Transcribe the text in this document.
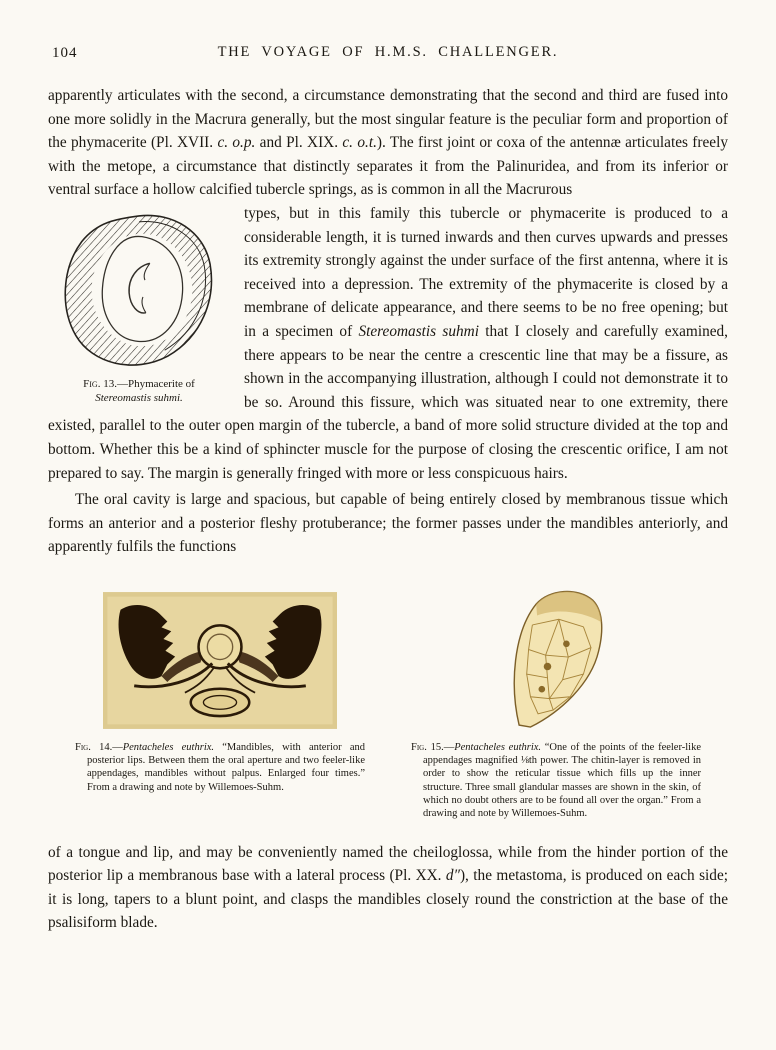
104	THE VOYAGE OF H.M.S. CHALLENGER.

apparently articulates with the second, a circumstance demonstrating that the second and third are fused into one more solidly in the Macrura generally, but the most singular feature is the peculiar form and proportion of the phymacerite (Pl. XVII. c. o.p. and Pl. XIX. c. o.t.). The first joint or coxa of the antennæ articulates freely with the metope, a circumstance that distinctly separates it from the Palinuridea, and from its inferior or ventral surface a hollow calcified tubercle springs, as is common in all the Macrurous

Fig. 13.—Phymacerite of
Stereomastis suhmi.

types, but in this family this tubercle or phymacerite is produced to a considerable length, it is turned inwards and then curves upwards and presses its extremity strongly against the under surface of the first antenna, where it is received into a depression. The extremity of the phymacerite is closed by a membrane of delicate appearance, and there seems to be no free opening; but in a specimen of Stereomastis suhmi that I closely and carefully examined, there appears to be near the centre a crescentic line that may be a fissure, as shown in the accompanying illustration, although I could not demonstrate it to be so. Around this fissure, which was situated near to one extremity, there existed, parallel to the outer open margin of the tubercle, a band of more solid structure divided at the top and bottom. Whether this be a kind of sphincter muscle for the purpose of closing the crescentic orifice, I am not prepared to say. The margin is generally fringed with more or less conspicuous hairs.

The oral cavity is large and spacious, but capable of being entirely closed by membranous tissue which forms an anterior and a posterior fleshy protuberance; the former passes under the mandibles anteriorly, and apparently fulfils the functions

Fig. 14.—Pentacheles euthrix. “Mandibles, with anterior and posterior lips. Between them the oral aperture and two feeler-like appendages, mandibles without palpus. Enlarged four times.” From a drawing and note by Willemoes-Suhm.
Fig. 15.—Pentacheles euthrix. “One of the points of the feeler-like appendages magnified ⅛th power. The chitin-layer is removed in order to show the reticular tissue which fills up the inner structure. Three small glandular masses are shown in the skin, of which no doubt others are to be found all over the organ.” From a drawing and note by Willemoes-Suhm.

of a tongue and lip, and may be conveniently named the cheiloglossa, while from the hinder portion of the posterior lip a membranous base with a lateral process (Pl. XX. d″), the metastoma, is produced on each side; it is long, tapers to a blunt point, and clasps the mandibles closely round the constriction at the base of the psalisiform blade.
